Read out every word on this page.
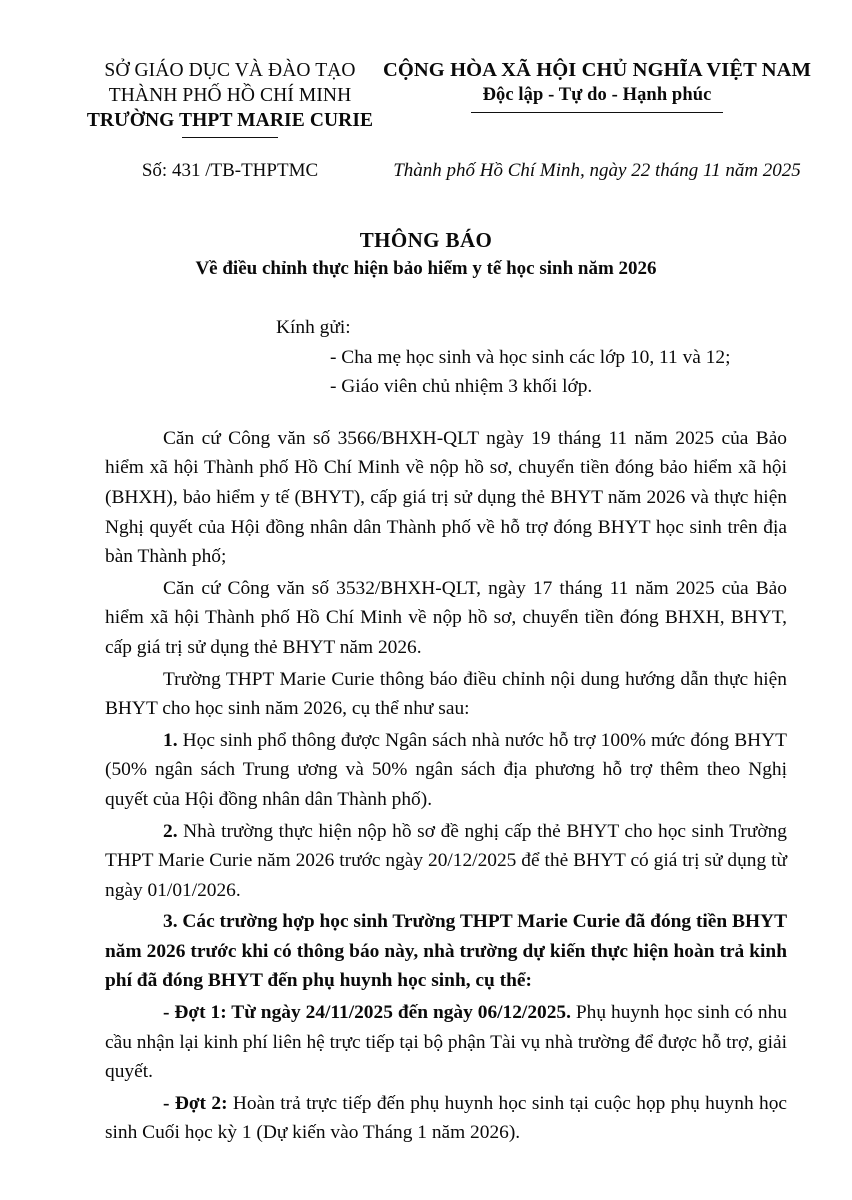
SỞ GIÁO DỤC VÀ ĐÀO TẠO
THÀNH PHỐ HỒ CHÍ MINH
TRƯỜNG THPT MARIE CURIE
CỘNG HÒA XÃ HỘI CHỦ NGHĨA VIỆT NAM
Độc lập - Tự do - Hạnh phúc
Số: 431 /TB-THPTMC	Thành phố Hồ Chí Minh, ngày 22 tháng 11 năm 2025
THÔNG BÁO
Về điều chỉnh thực hiện bảo hiểm y tế học sinh năm 2026
Kính gửi:
- Cha mẹ học sinh và học sinh các lớp 10, 11 và 12;
- Giáo viên chủ nhiệm 3 khối lớp.

Căn cứ Công văn số 3566/BHXH-QLT ngày 19 tháng 11 năm 2025 của Bảo hiểm xã hội Thành phố Hồ Chí Minh về nộp hồ sơ, chuyển tiền đóng bảo hiểm xã hội (BHXH), bảo hiểm y tế (BHYT), cấp giá trị sử dụng thẻ BHYT năm 2026 và thực hiện Nghị quyết của Hội đồng nhân dân Thành phố về hỗ trợ đóng BHYT học sinh trên địa bàn Thành phố;

Căn cứ Công văn số 3532/BHXH-QLT, ngày 17 tháng 11 năm 2025 của Bảo hiểm xã hội Thành phố Hồ Chí Minh về nộp hồ sơ, chuyển tiền đóng BHXH, BHYT, cấp giá trị sử dụng thẻ BHYT năm 2026.

Trường THPT Marie Curie thông báo điều chỉnh nội dung hướng dẫn thực hiện BHYT cho học sinh năm 2026, cụ thể như sau:

1. Học sinh phổ thông được Ngân sách nhà nước hỗ trợ 100% mức đóng BHYT (50% ngân sách Trung ương và 50% ngân sách địa phương hỗ trợ thêm theo Nghị quyết của Hội đồng nhân dân Thành phố).

2. Nhà trường thực hiện nộp hồ sơ đề nghị cấp thẻ BHYT cho học sinh Trường THPT Marie Curie năm 2026 trước ngày 20/12/2025 để thẻ BHYT có giá trị sử dụng từ ngày 01/01/2026.

3. Các trường hợp học sinh Trường THPT Marie Curie đã đóng tiền BHYT năm 2026 trước khi có thông báo này, nhà trường dự kiến thực hiện hoàn trả kinh phí đã đóng BHYT đến phụ huynh học sinh, cụ thể:

- Đợt 1: Từ ngày 24/11/2025 đến ngày 06/12/2025. Phụ huynh học sinh có nhu cầu nhận lại kinh phí liên hệ trực tiếp tại bộ phận Tài vụ nhà trường để được hỗ trợ, giải quyết.

- Đợt 2: Hoàn trả trực tiếp đến phụ huynh học sinh tại cuộc họp phụ huynh học sinh Cuối học kỳ 1 (Dự kiến vào Tháng 1 năm 2026).
